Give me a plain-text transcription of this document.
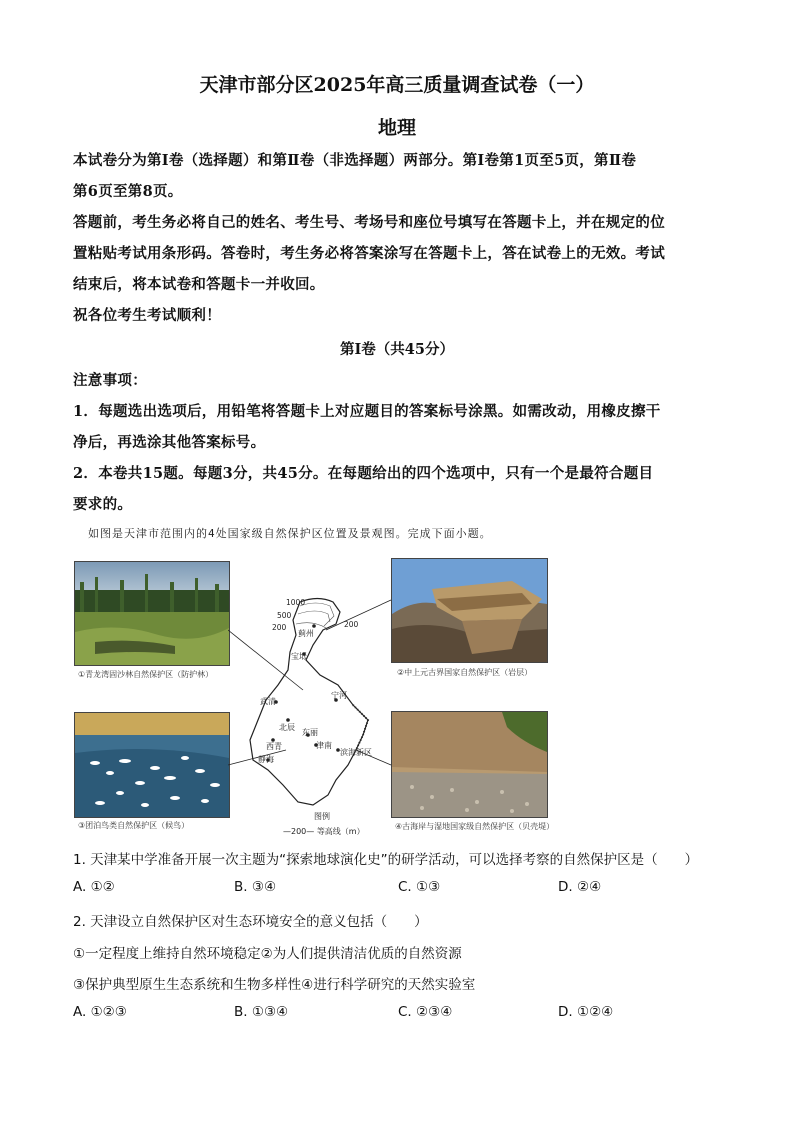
天津市部分区2025年高三质量调查试卷（一）
地理

本试卷分为第Ⅰ卷（选择题）和第Ⅱ卷（非选择题）两部分。第Ⅰ卷第1页至5页，第Ⅱ卷

第6页至第8页。

答题前，考生务必将自己的姓名、考生号、考场号和座位号填写在答题卡上，并在规定的位

置粘贴考试用条形码。答卷时，考生务必将答案涂写在答题卡上，答在试卷上的无效。考试

结束后，将本试卷和答题卡一并收回。

祝各位考生考试顺利！

第Ⅰ卷（共45分）

注意事项：

1．每题选出选项后，用铅笔将答题卡上对应题目的答案标号涂黑。如需改动，用橡皮擦干

净后，再选涂其他答案标号。

2．本卷共15题。每题3分，共45分。在每题给出的四个选项中，只有一个是最符合题目

要求的。

如图是天津市范围内的4处国家级自然保护区位置及景观图。完成下面小题。
①青龙湾固沙林自然保护区（防护林）	②中上元古界国家自然保护区（岩层）
③团泊鸟类自然保护区（候鸟）	④古海岸与湿地国家级自然保护区（贝壳堤）
1000
500
200	200
蓟州
宝坻
宁河
武清
北辰
东丽
津南
西青
静海
滨海新区
图例
—200— 等高线（m）
1. 天津某中学准备开展一次主题为“探索地球演化史”的研学活动，可以选择考察的自然保护区是（　　）
A. ①②	B. ③④	C. ①③	D. ②④
2. 天津设立自然保护区对生态环境安全的意义包括（　　）
①一定程度上维持自然环境稳定②为人们提供清洁优质的自然资源
③保护典型原生生态系统和生物多样性④进行科学研究的天然实验室
A. ①②③	B. ①③④	C. ②③④	D. ①②④
